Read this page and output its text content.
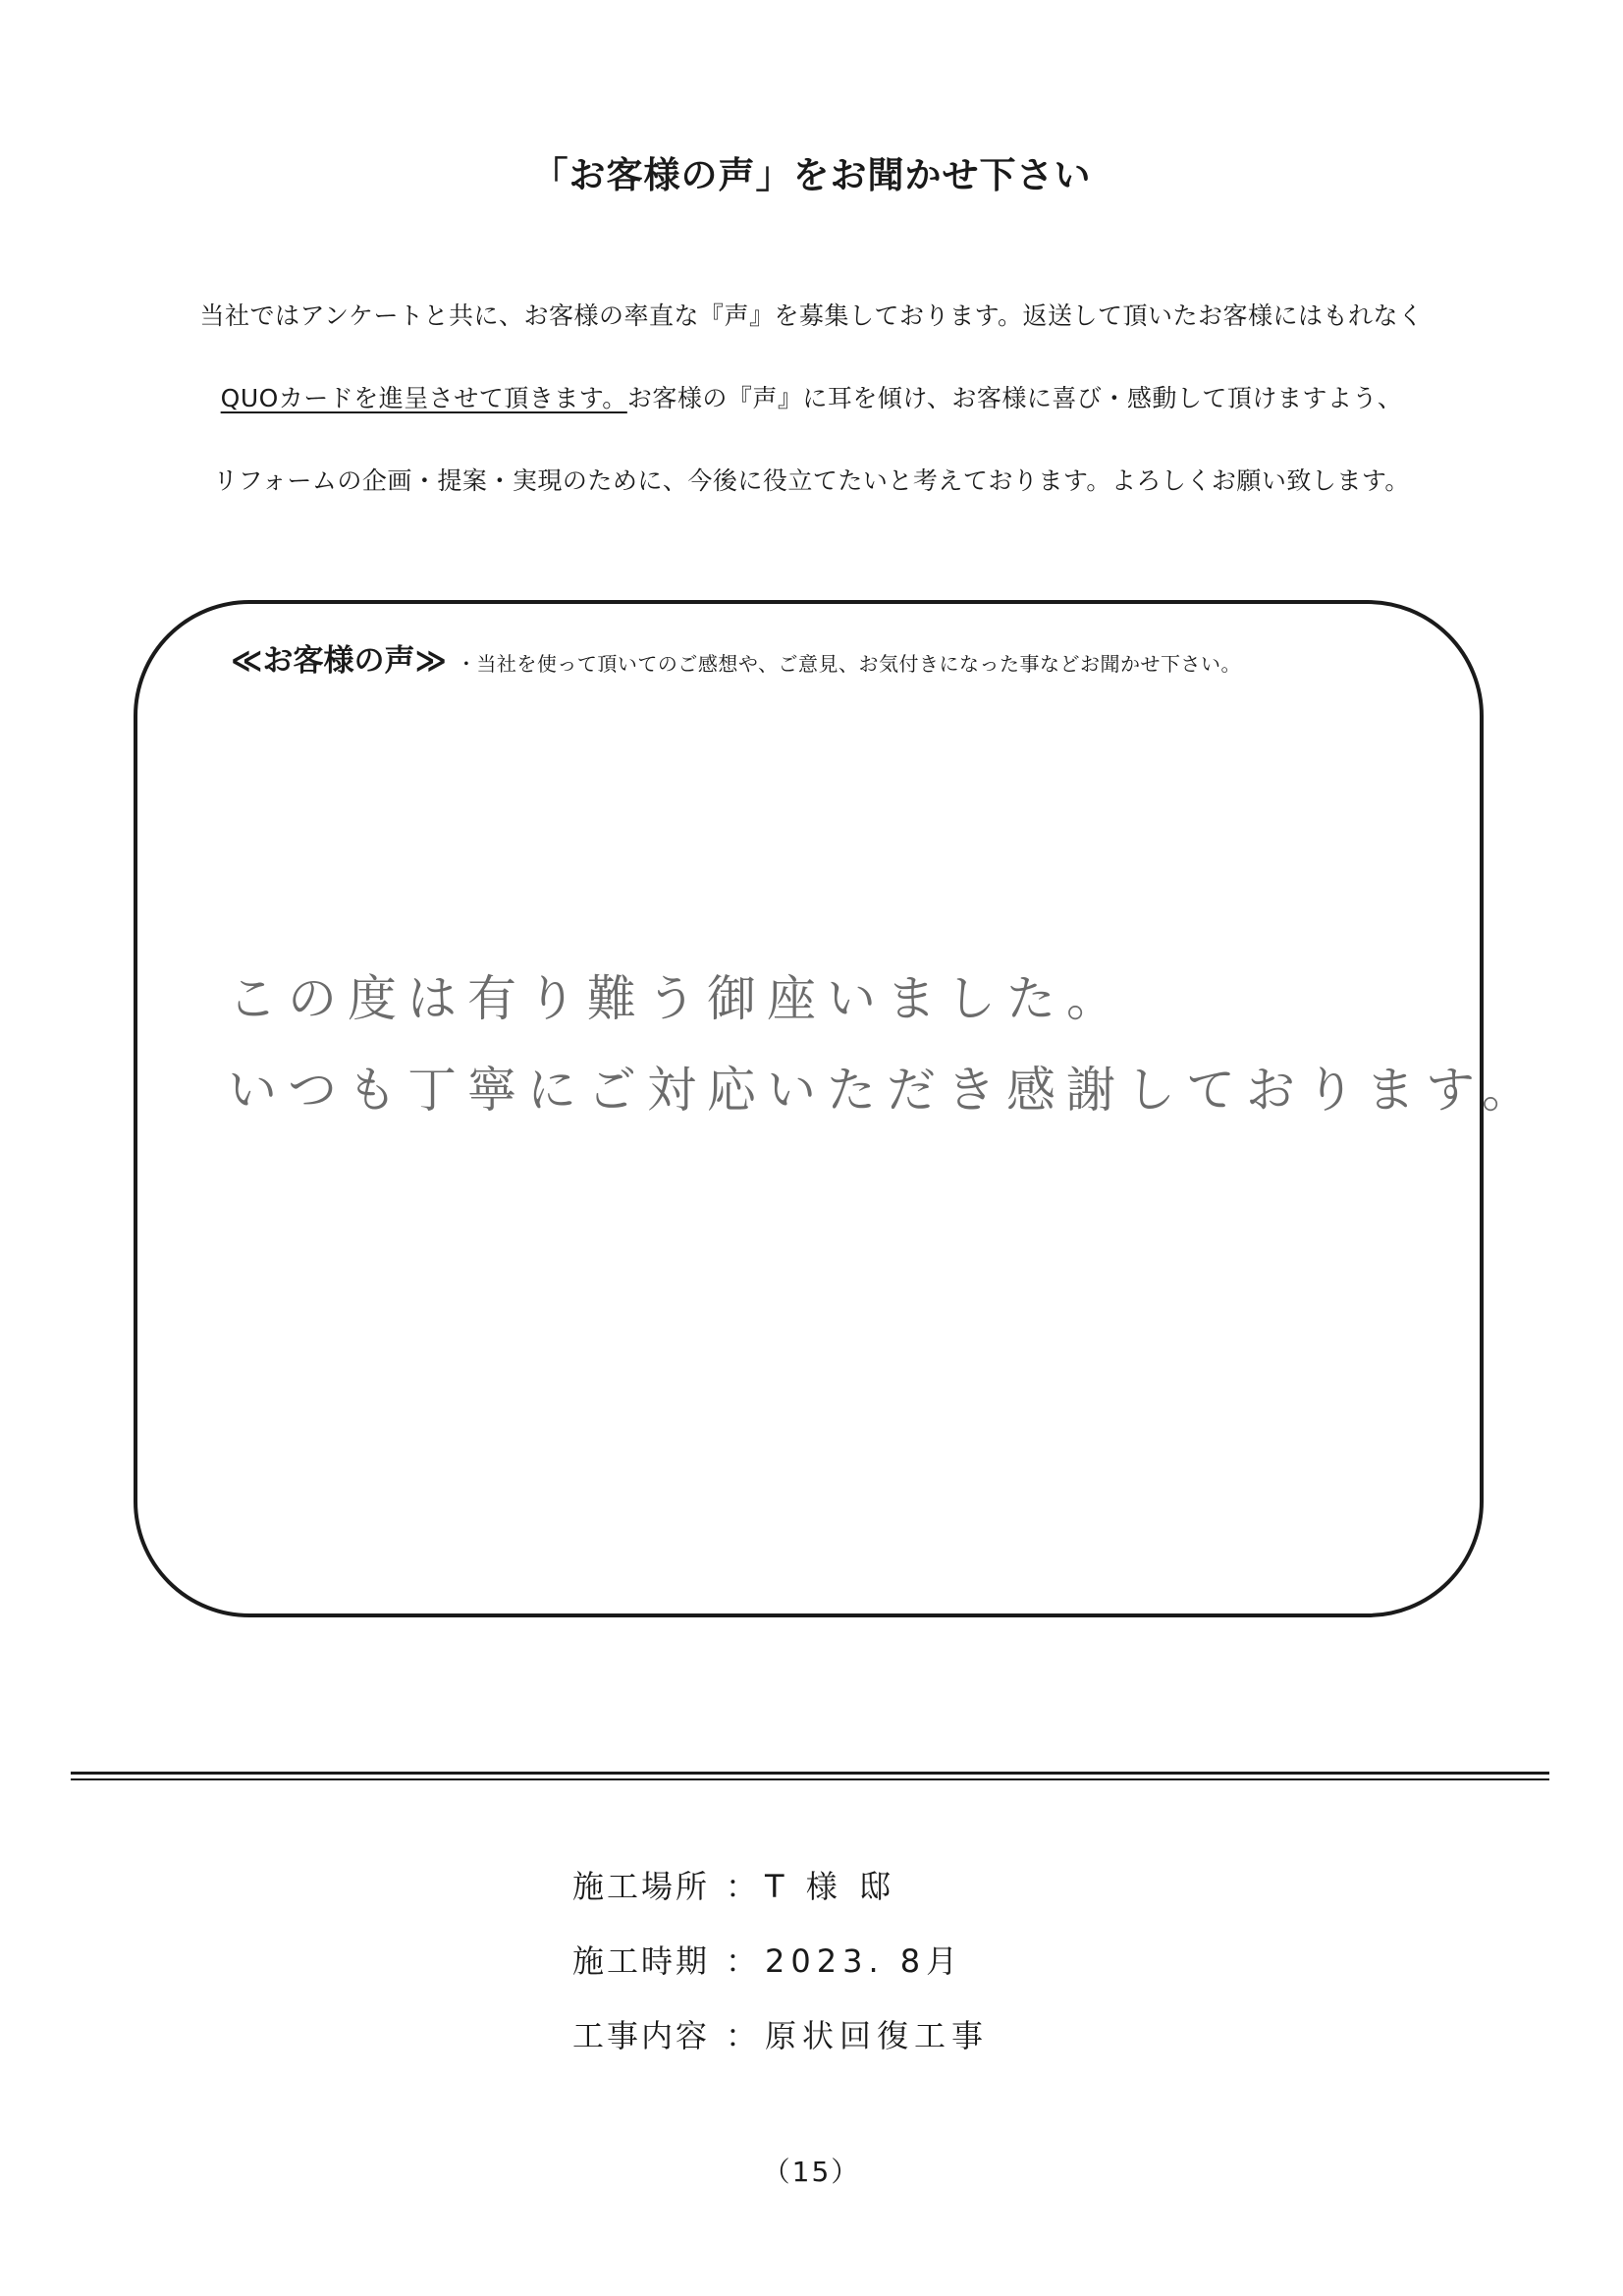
「お客様の声」をお聞かせ下さい
当社ではアンケートと共に、お客様の率直な『声』を募集しております。返送して頂いたお客様にはもれなく
QUOカードを進呈させて頂きます。お客様の『声』に耳を傾け、お客様に喜び・感動して頂けますよう、
リフォームの企画・提案・実現のために、今後に役立てたいと考えております。よろしくお願い致します。
≪お客様の声≫ ・当社を使って頂いてのご感想や、ご意見、お気付きになった事などお聞かせ下さい。
この度は有り難う御座いました。
いつも丁寧にご対応いただき感謝しております。
施工場所 ： T 様 邸
施工時期 ： 2023. 8月
工事内容 ： 原状回復工事
（15）
